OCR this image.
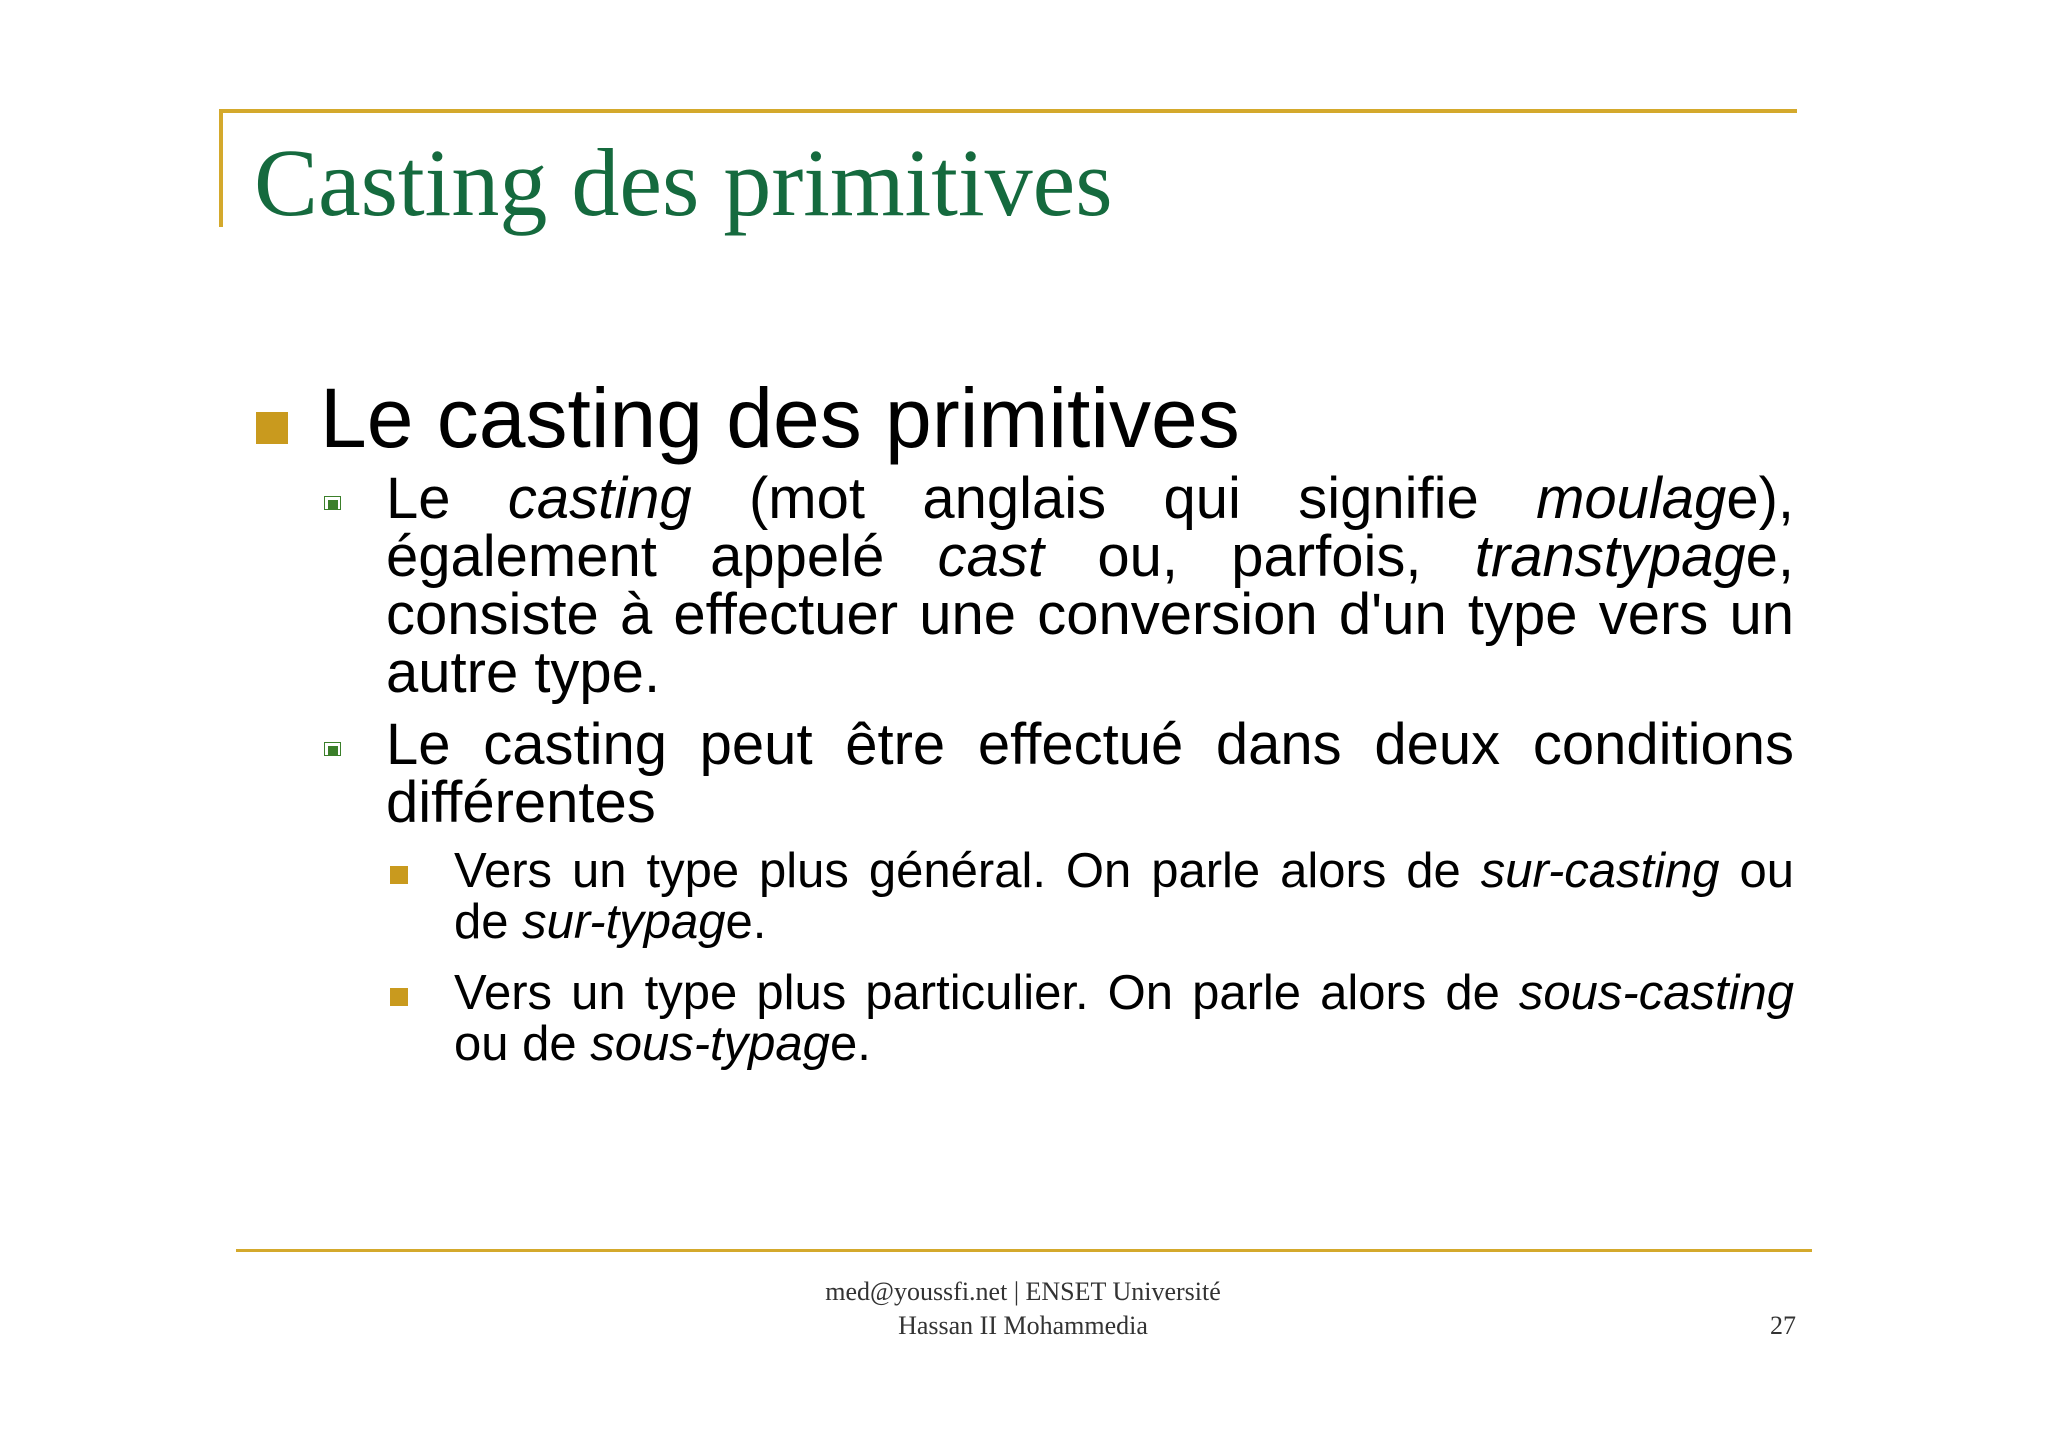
Casting des primitives
Le casting des primitives
Le casting (mot anglais qui signifie moulage), également appelé cast ou, parfois, transtypage, consiste à effectuer une conversion d'un type vers un autre type.
Le casting peut être effectué dans deux conditions différentes
Vers un type plus général. On parle alors de sur-casting ou de sur-typage.
Vers un type plus particulier. On parle alors de sous-casting ou de sous-typage.
med@youssfi.net | ENSET Université
Hassan II Mohammedia	27
